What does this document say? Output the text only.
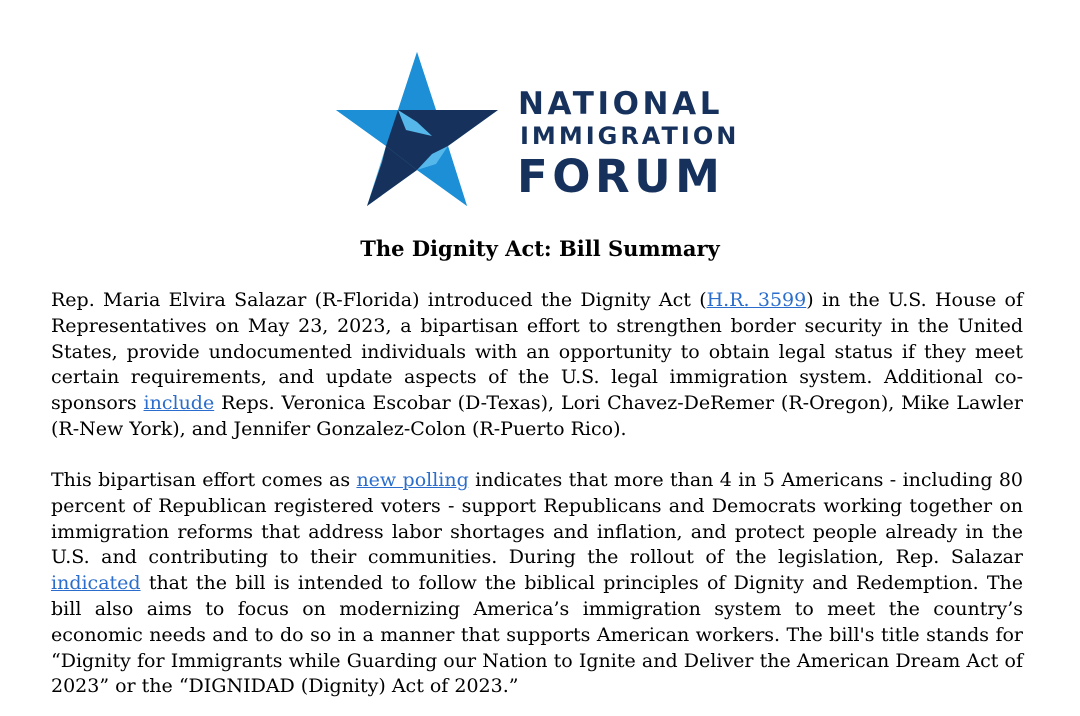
NATIONAL
IMMIGRATION
FORUM
The Dignity Act: Bill Summary

Rep. Maria Elvira Salazar (R-Florida) introduced the Dignity Act (H.R. 3599) in the U.S. House of Representatives on May 23, 2023, a bipartisan effort to strengthen border security in the United States, provide undocumented individuals with an opportunity to obtain legal status if they meet certain requirements, and update aspects of the U.S. legal immigration system. Additional co-sponsors include Reps. Veronica Escobar (D-Texas), Lori Chavez-DeRemer (R-Oregon), Mike Lawler (R-New York), and Jennifer Gonzalez-Colon (R-Puerto Rico).

This bipartisan effort comes as new polling indicates that more than 4 in 5 Americans - including 80 percent of Republican registered voters - support Republicans and Democrats working together on immigration reforms that address labor shortages and inflation, and protect people already in the U.S. and contributing to their communities. During the rollout of the legislation, Rep. Salazar indicated that the bill is intended to follow the biblical principles of Dignity and Redemption. The bill also aims to focus on modernizing America’s immigration system to meet the country’s economic needs and to do so in a manner that supports American workers. The bill's title stands for “Dignity for Immigrants while Guarding our Nation to Ignite and Deliver the American Dream Act of 2023” or the “DIGNIDAD (Dignity) Act of 2023.”
